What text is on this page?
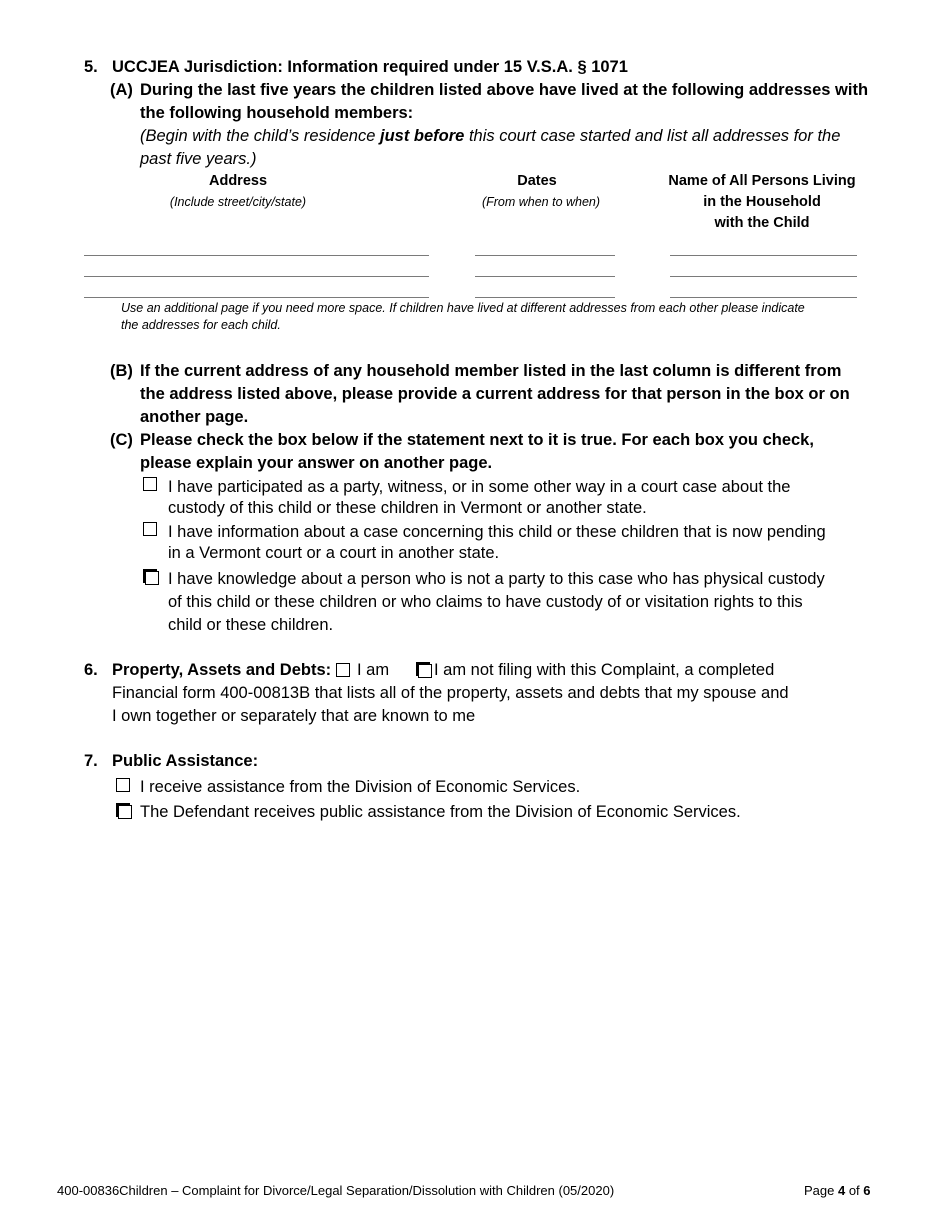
5. UCCJEA Jurisdiction: Information required under 15 V.S.A. § 1071
(A) During the last five years the children listed above have lived at the following addresses with
the following household members:
(Begin with the child’s residence just before this court case started and list all addresses for the
past five years.)
Address
(Include street/city/state)
Dates
(From when to when)
Name of All Persons Living
in the Household
with the Child
Use an additional page if you need more space. If children have lived at different addresses from each other please indicate
the addresses for each child.
(B) If the current address of any household member listed in the last column is different from
the address listed above, please provide a current address for that person in the box or on
another page.
(C) Please check the box below if the statement next to it is true. For each box you check,
please explain your answer on another page.
I have participated as a party, witness, or in some other way in a court case about the
custody of this child or these children in Vermont or another state.
I have information about a case concerning this child or these children that is now pending
in a Vermont court or a court in another state.
I have knowledge about a person who is not a party to this case who has physical custody
of this child or these children or who claims to have custody of or visitation rights to this
child or these children.
6. Property, Assets and Debts: I am	I am not filing with this Complaint, a completed
Financial form 400-00813B that lists all of the property, assets and debts that my spouse and
I own together or separately that are known to me
7. Public Assistance:
I receive assistance from the Division of Economic Services.
The Defendant receives public assistance from the Division of Economic Services.
400-00836Children – Complaint for Divorce/Legal Separation/Dissolution with Children (05/2020)	Page 4 of 6
